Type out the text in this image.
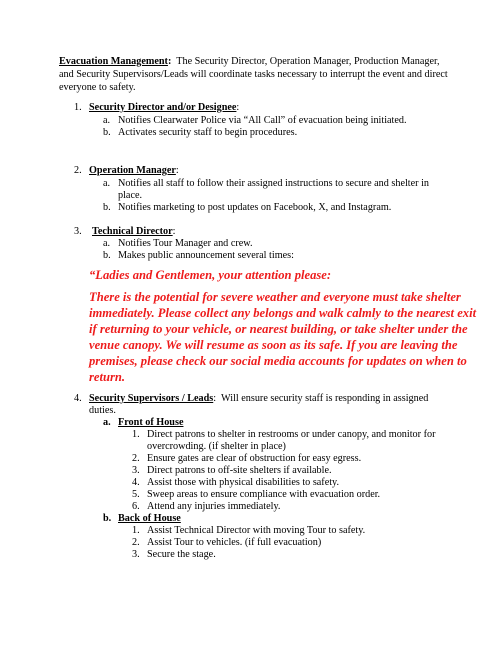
Evacuation Management: The Security Director, Operation Manager, Production Manager,
and Security Supervisors/Leads will coordinate tasks necessary to interrupt the event and direct
everyone to safety.
1. Security Director and/or Designee:
a. Notifies Clearwater Police via “All Call” of evacuation being initiated.
b. Activates security staff to begin procedures.
2. Operation Manager:
a. Notifies all staff to follow their assigned instructions to secure and shelter in
place.
b. Notifies marketing to post updates on Facebook, X, and Instagram.
3. Technical Director:
a. Notifies Tour Manager and crew.
b. Makes public announcement several times:
“Ladies and Gentlemen, your attention please:
There is the potential for severe weather and everyone must take shelter
immediately. Please collect any belongs and walk calmly to the nearest exit
if returning to your vehicle, or nearest building, or take shelter under the
venue canopy. We will resume as soon as its safe. If you are leaving the
premises, please check our social media accounts for updates on when to
return.
4. Security Supervisors / Leads:  Will ensure security staff is responding in assigned
duties.
a. Front of House
1. Direct patrons to shelter in restrooms or under canopy, and monitor for
overcrowding. (if shelter in place)
2. Ensure gates are clear of obstruction for easy egress.
3. Direct patrons to off-site shelters if available.
4. Assist those with physical disabilities to safety.
5. Sweep areas to ensure compliance with evacuation order.
6. Attend any injuries immediately.
b. Back of House
1. Assist Technical Director with moving Tour to safety.
2. Assist Tour to vehicles. (if full evacuation)
3. Secure the stage.
